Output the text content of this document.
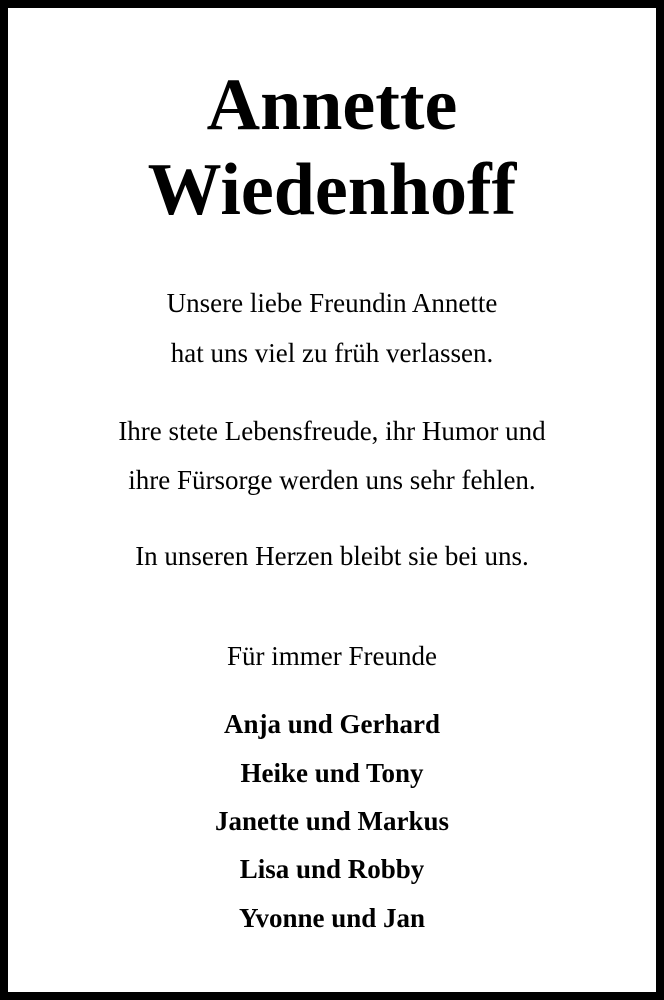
Annette
Wiedenhoff
Unsere liebe Freundin Annette
hat uns viel zu früh verlassen.
Ihre stete Lebensfreude, ihr Humor und
ihre Fürsorge werden uns sehr fehlen.
In unseren Herzen bleibt sie bei uns.
Für immer Freunde
Anja und Gerhard
Heike und Tony
Janette und Markus
Lisa und Robby
Yvonne und Jan
